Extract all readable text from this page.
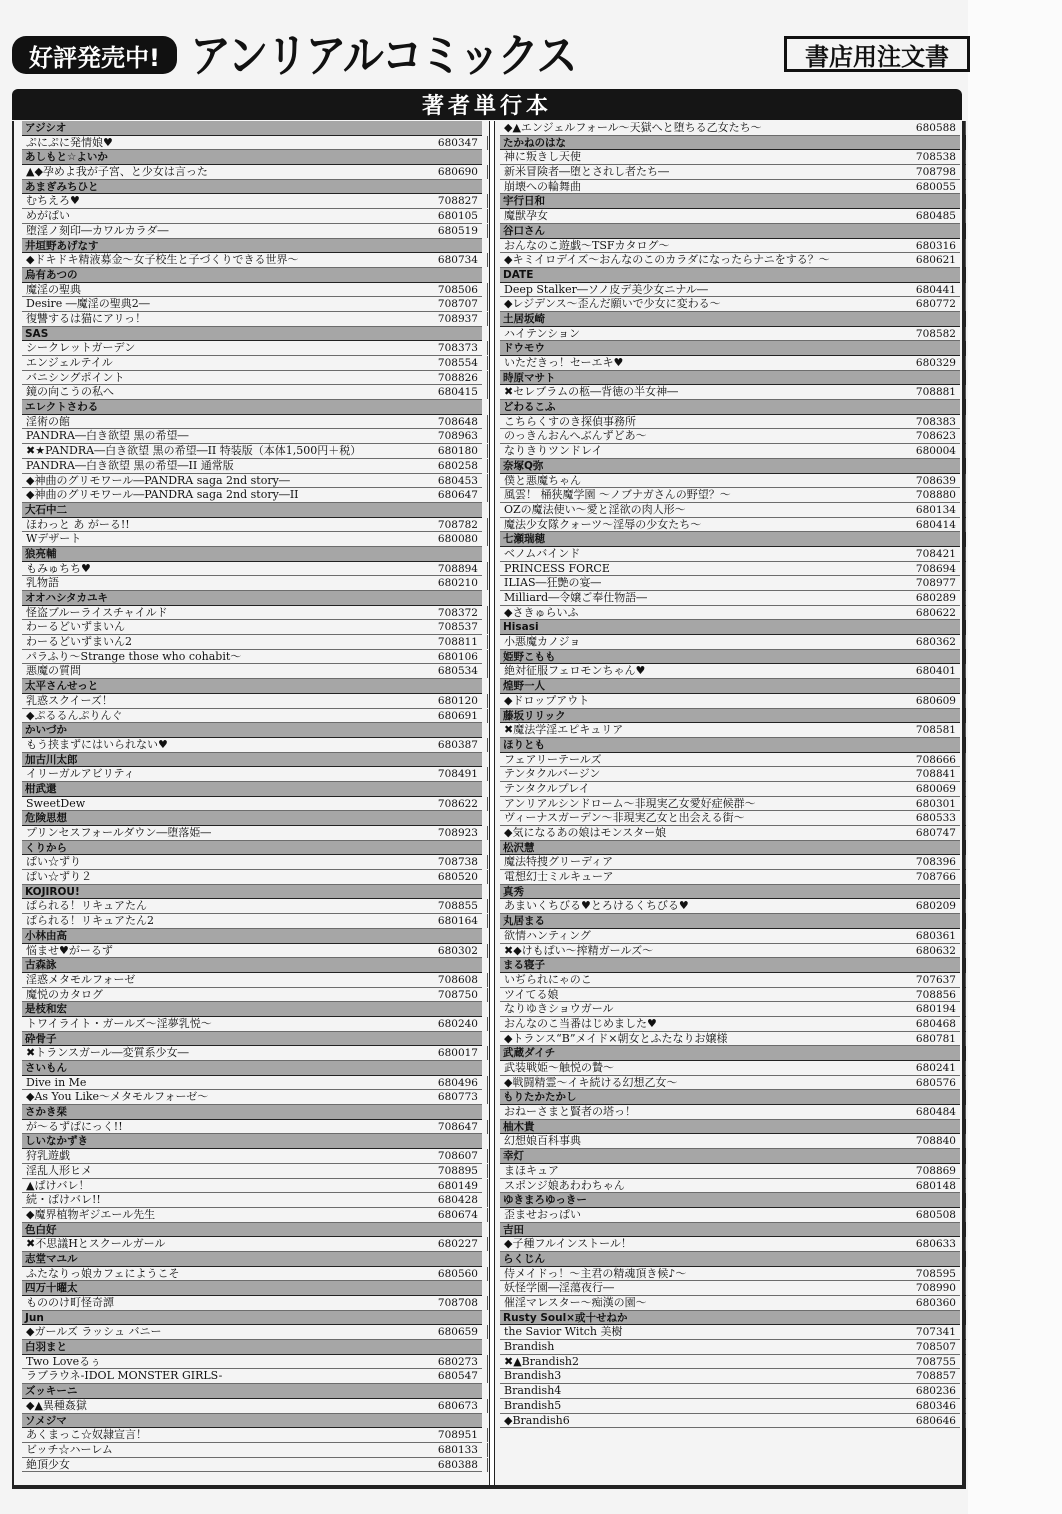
好評発売中! アンリアルコミックス	書店用注文書
著者単行本
アジシオ
ぷにぷに発情娘♥	680347
あしもと☆よいか
▲◆孕めよ我が子宮、と少女は言った	680690
あまぎみちひと
むちえろ♥	708827
めがぱい	680105
堕淫ノ刻印―カワルカラダ―	680519
井垣野あげなす
◆ドキドキ精液募金～女子校生と子づくりできる世界～	680734
烏有あつの
魔淫の聖典	708506
Desire ―魔淫の聖典2―	708707
復讐するは猫にアリっ！	708937
SAS
シークレットガーデン	708373
エンジェルテイル	708554
バニシングポイント	708826
鏡の向こうの私へ	680415
エレクトさわる
淫術の館	708648
PANDRA―白き欲望 黒の希望―	708963
✖★PANDRA―白き欲望 黒の希望―II 特装版（本体1,500円＋税）	680180
PANDRA―白き欲望 黒の希望―II 通常版	680258
◆神曲のグリモワール―PANDRA saga 2nd story―	680453
◆神曲のグリモワール―PANDRA saga 2nd story―II	680647
大石中二
ほわっと あ がーる!!	708782
Wデザート	680080
狼亮輔
もみゅちち♥	708894
乳物語	680210
オオハシタカユキ
怪盗ブルーライスチャイルド	708372
わーるどいずまいん	708537
わーるどいずまいん2	708811
パラふり～Strange those who cohabit～	680106
悪魔の質問	680534
太平さんせっと
乳惑スクイーズ！	680120
◆ぷるるんぷりんぐ	680691
かいづか
もう挟まずにはいられない♥	680387
加古川太郎
イリーガルアビリティ	708491
柑武還
SweetDew	708622
危険思想
プリンセスフォールダウン―堕落姫―	708923
くりから
ぱい☆ずり	708738
ぱい☆ずり２	680520
KOJIROU!
ぱられる！リキュアたん	708855
ぱられる！リキュアたん2	680164
小林由高
悩ませ♥がーるず	680302
古森詠
淫惑メタモルフォーゼ	708608
魔悦のカタログ	708750
是枝和宏
トワイライト・ガールズ～淫夢乳悦～	680240
砕骨子
✖トランスガール―変質系少女―	680017
さいもん
Dive in Me	680496
◆As You Like～メタモルフォーゼ～	680773
さかき栞
が～るずぱにっく!!	708647
しいなかずき
狩乳遊戯	708607
淫乱人形ヒメ	708895
▲ぱけバレ！	680149
続・ぱけバレ!!	680428
◆魔界植物ギジエール先生	680674
色白好
✖不思議Hとスクールガール	680227
志堂マユル
ふたなりっ娘カフェにようこそ	680560
四万十曜太
もののけ町怪奇譚	708708
Jun
◆ガールズ ラッシュ バニー	680659
白羽まと
Two Loveるぅ	680273
ラブラウネ-IDOL MONSTER GIRLS-	680547
ズッキーニ
◆▲異種姦獄	680673
ソメジマ
あくまっこ☆奴隷宣言！	708951
ビッチ☆ハーレム	680133
絶頂少女	680388
◆▲エンジェルフォール～天獄へと堕ちる乙女たち～	680588
たかねのはな
神に叛きし天使	708538
新米冒険者―堕とされし者たち―	708798
崩壊への輪舞曲	680055
宇行日和
魔獣孕女	680485
谷口さん
おんなのこ遊戯～TSFカタログ～	680316
◆キミイロデイズ～おんなのこのカラダになったらナニをする？～	680621
DATE
Deep Stalker―ソノ皮デ美少女ニナル―	680441
◆レジデンス～歪んだ願いで少女に変わる～	680772
土居坂崎
ハイテンション	708582
ドウモウ
いただきっ！セーエキ♥	680329
時原マサト
✖セレブラムの柩―背徳の半女神―	708881
どわるこふ
こちらくすのき探偵事務所	708383
のっきんおんへぶんずどあ～	708623
なりきりツンドレイ	680004
奈塚Q弥
僕と悪魔ちゃん	708639
風雲！ 桶狭魔学園 ～ノブナガさんの野望？～	708880
OZの魔法使い～愛と淫欲の肉人形～	680134
魔法少女隊クォーツ～淫辱の少女たち～	680414
七瀬瑞穂
ベノムバインド	708421
PRINCESS FORCE	708694
ILIAS―狂艶の宴―	708977
Milliard―令嬢ご奉仕物語―	680289
◆さきゅらいふ	680622
Hisasi
小悪魔カノジョ	680362
姫野こもも
絶対征服フェロモンちゃん♥	680401
煌野一人
◆ドロップアウト	680609
藤坂リリック
✖魔法学淫エピキュリア	708581
ほりとも
フェアリーテールズ	708666
テンタクルバージン	708841
テンタクルプレイ	680069
アンリアルシンドローム～非現実乙女愛好症候群～	680301
ヴィーナスガーデン～非現実乙女と出会える街～	680533
◆気になるあの娘はモンスター娘	680747
松沢慧
魔法特捜グリーディア	708396
電想幻士ミルキューア	708766
真秀
あまいくちびる♥とろけるくちびる♥	680209
丸居まる
欲情ハンティング	680361
✖◆けもぱい～搾精ガールズ～	680632
まる寝子
いぢられにゃのこ	707637
ツイてる娘	708856
なりゆきショウガール	680194
おんなのこ当番はじめました♥	680468
◆トランス“B”メイド×朝女とふたなりお嬢様	680781
武蔵ダイチ
武装戦姫～触悦の贄～	680241
◆戦闘精霊～イキ続ける幻想乙女～	680576
もりたかたかし
おねーさまと賢者の塔っ！	680484
柚木貴
幻想娘百科事典	708840
幸灯
まほキュア	708869
スポンジ娘あわわちゃん	680148
ゆきまろゆっきー
歪ませおっぱい	680508
吉田
◆子種フルインストール！	680633
らくじん
侍メイドっ！～主君の精魂頂き候♪～	708595
妖怪学園―淫蕩夜行―	708990
催淫マレスター～痴漢の園～	680360
Rusty Soul×或十せねか
the Savior Witch 美樹	707341
Brandish	708507
✖▲Brandish2	708755
Brandish3	708857
Brandish4	680236
Brandish5	680346
◆Brandish6	680646
